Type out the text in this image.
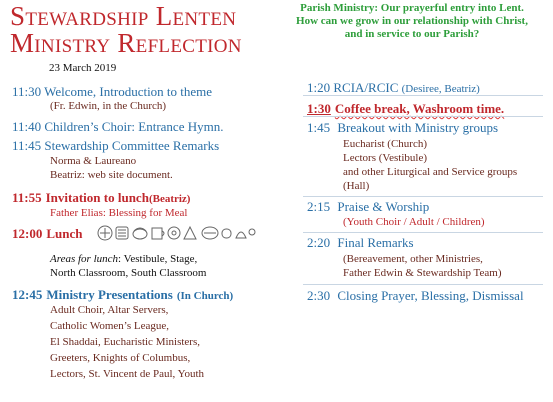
Stewardship Lenten
Ministry Reflection
23 March 2019
Parish Ministry: Our prayerful entry into Lent. How can we grow in our relationship with Christ, and in service to our Parish?
11:30 Welcome, Introduction to theme
(Fr. Edwin, in the Church)
11:40 Children’s Choir: Entrance Hymn.
11:45 Stewardship Committee Remarks
Norma & Laureano
Beatriz: web site document.
11:55 Invitation to lunch(Beatriz)
Father Elias: Blessing for Meal
12:00 Lunch
Areas for lunch: Vestibule, Stage,
North Classroom, South Classroom
12:45 Ministry Presentations (In Church)
Adult Choir, Altar Servers,
Catholic Women’s League,
El Shaddai, Eucharistic Ministers,
Greeters, Knights of Columbus,
Lectors, St. Vincent de Paul, Youth
1:20 RCIA/RCIC (Desiree, Beatriz)
1:30 Coffee break, Washroom time.
1:45 Breakout with Ministry groups
Eucharist (Church)
Lectors (Vestibule)
and other Liturgical and Service groups
(Hall)
2:15 Praise & Worship
(Youth Choir / Adult / Children)
2:20 Final Remarks
(Bereavement, other Ministries,
Father Edwin & Stewardship Team)
2:30 Closing Prayer, Blessing, Dismissal
